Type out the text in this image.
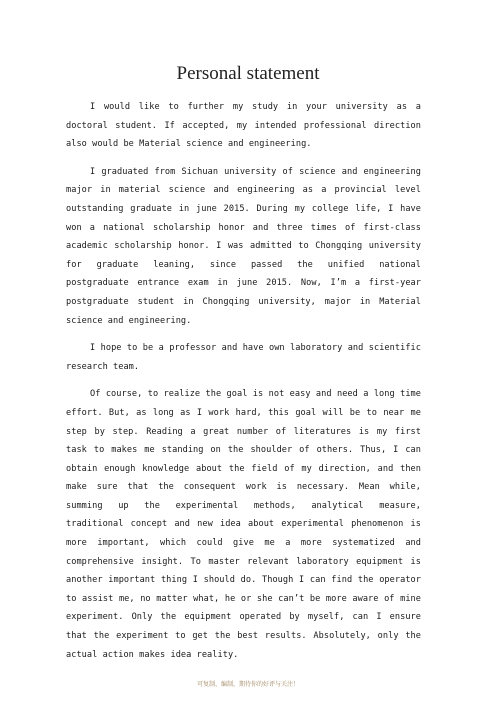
Personal statement

I would like to further my study in your university as a doctoral student. If accepted, my intended professional direction also would be Material science and engineering.

I graduated from Sichuan university of science and engineering major in material science and engineering as a provincial level outstanding graduate in june 2015. During my college life, I have won a national scholarship honor and three times of first-class academic scholarship honor. I was admitted to Chongqing university for graduate leaning, since passed the unified national postgraduate entrance exam in june 2015. Now, I’m a first-year postgraduate student in Chongqing university, major in Material science and engineering.

I hope to be a professor and have own laboratory and scientific research team.

Of course, to realize the goal is not easy and need a long time effort. But, as long as I work hard, this goal will be to near me step by step. Reading a great number of literatures is my first task to makes me standing on the shoulder of others. Thus, I can obtain enough knowledge about the field of my direction, and then make sure that the consequent work is necessary. Mean while, summing up the experimental methods, analytical measure, traditional concept and new idea about experimental phenomenon is more important, which could give me a more systematized and comprehensive insight. To master relevant laboratory equipment is another important thing I should do. Though I can find the operator to assist me, no matter what, he or she can’t be more aware of mine experiment. Only the equipment operated by myself, can I ensure that the experiment to get the best results. Absolutely, only the actual action makes idea reality.

可复制、编制，期待你的好评与关注！
